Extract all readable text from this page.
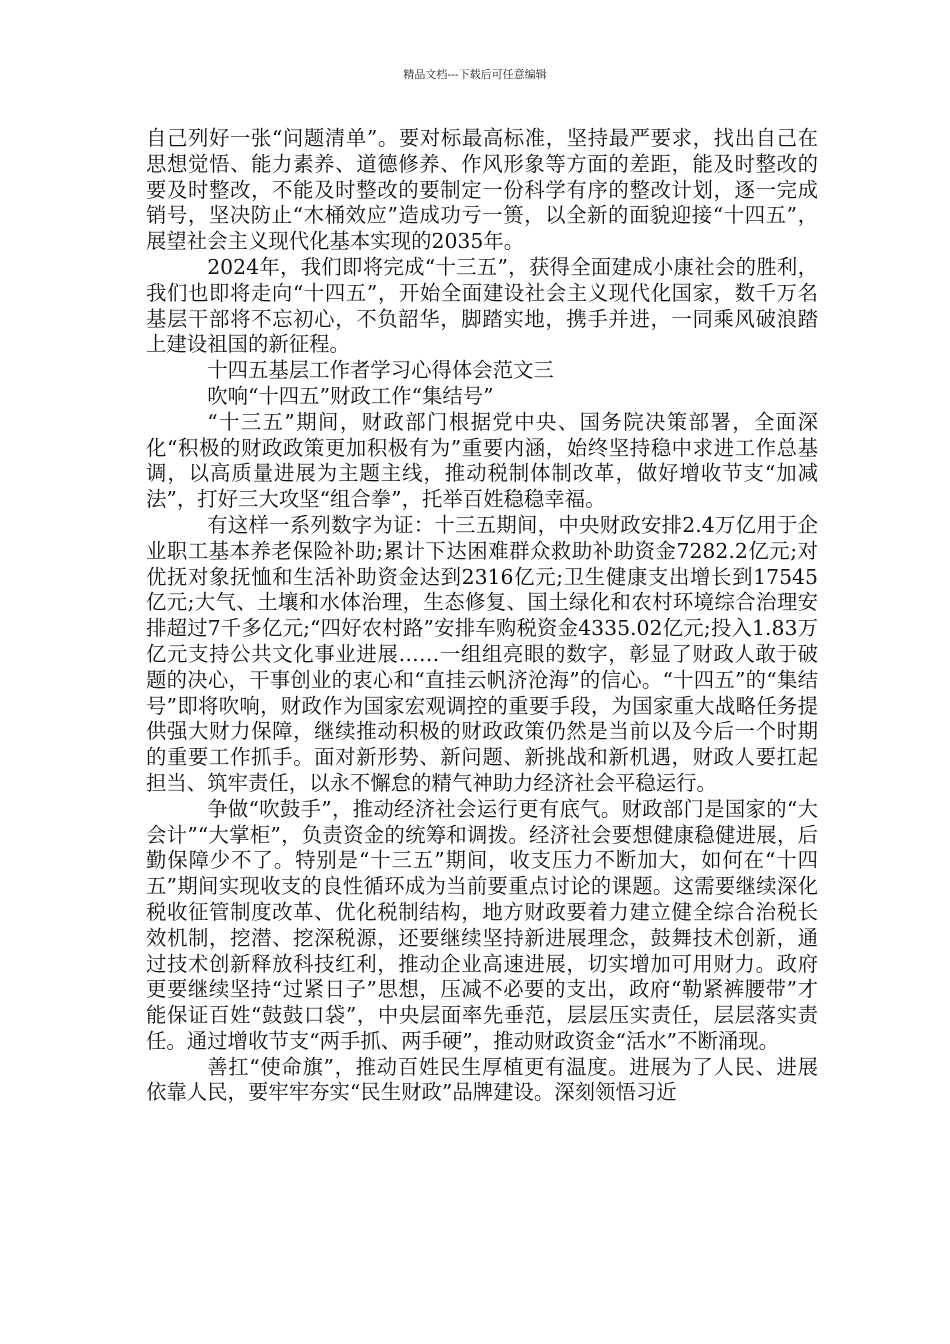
精品文档---下载后可任意编辑

自己列好一张“问题清单”。要对标最高标准，坚持最严要求，找出自己在思想觉悟、能力素养、道德修养、作风形象等方面的差距，能及时整改的要及时整改，不能及时整改的要制定一份科学有序的整改计划，逐一完成销号，坚决防止“木桶效应”造成功亏一篑，以全新的面貌迎接“十四五”，展望社会主义现代化基本实现的2035年。

2024年，我们即将完成“十三五”，获得全面建成小康社会的胜利，我们也即将走向“十四五”，开始全面建设社会主义现代化国家，数千万名基层干部将不忘初心，不负韶华，脚踏实地，携手并进，一同乘风破浪踏上建设祖国的新征程。

十四五基层工作者学习心得体会范文三

吹响“十四五”财政工作“集结号”

“十三五”期间，财政部门根据党中央、国务院决策部署，全面深化“积极的财政政策更加积极有为”重要内涵，始终坚持稳中求进工作总基调，以高质量进展为主题主线，推动税制体制改革，做好增收节支“加减法”，打好三大攻坚“组合拳”，托举百姓稳稳幸福。

有这样一系列数字为证：十三五期间，中央财政安排2.4万亿用于企业职工基本养老保险补助;累计下达困难群众救助补助资金7282.2亿元;对优抚对象抚恤和生活补助资金达到2316亿元;卫生健康支出增长到17545亿元;大气、土壤和水体治理，生态修复、国土绿化和农村环境综合治理安排超过7千多亿元;“四好农村路”安排车购税资金4335.02亿元;投入1.83万亿元支持公共文化事业进展……一组组亮眼的数字，彰显了财政人敢于破题的决心，干事创业的衷心和“直挂云帆济沧海”的信心。“十四五”的“集结号”即将吹响，财政作为国家宏观调控的重要手段，为国家重大战略任务提供强大财力保障，继续推动积极的财政政策仍然是当前以及今后一个时期的重要工作抓手。面对新形势、新问题、新挑战和新机遇，财政人要扛起担当、筑牢责任，以永不懈怠的精气神助力经济社会平稳运行。

争做“吹鼓手”，推动经济社会运行更有底气。财政部门是国家的“大会计”“大掌柜”，负责资金的统筹和调拨。经济社会要想健康稳健进展，后勤保障少不了。特别是“十三五”期间，收支压力不断加大，如何在“十四五”期间实现收支的良性循环成为当前要重点讨论的课题。这需要继续深化税收征管制度改革、优化税制结构，地方财政要着力建立健全综合治税长效机制，挖潜、挖深税源，还要继续坚持新进展理念，鼓舞技术创新，通过技术创新释放科技红利，推动企业高速进展，切实增加可用财力。政府更要继续坚持“过紧日子”思想，压减不必要的支出，政府“勒紧裤腰带”才能保证百姓“鼓鼓口袋”，中央层面率先垂范，层层压实责任，层层落实责任。通过增收节支“两手抓、两手硬”，推动财政资金“活水”不断涌现。

善扛“使命旗”，推动百姓民生厚植更有温度。进展为了人民、进展依靠人民，要牢牢夯实“民生财政”品牌建设。深刻领悟习近
